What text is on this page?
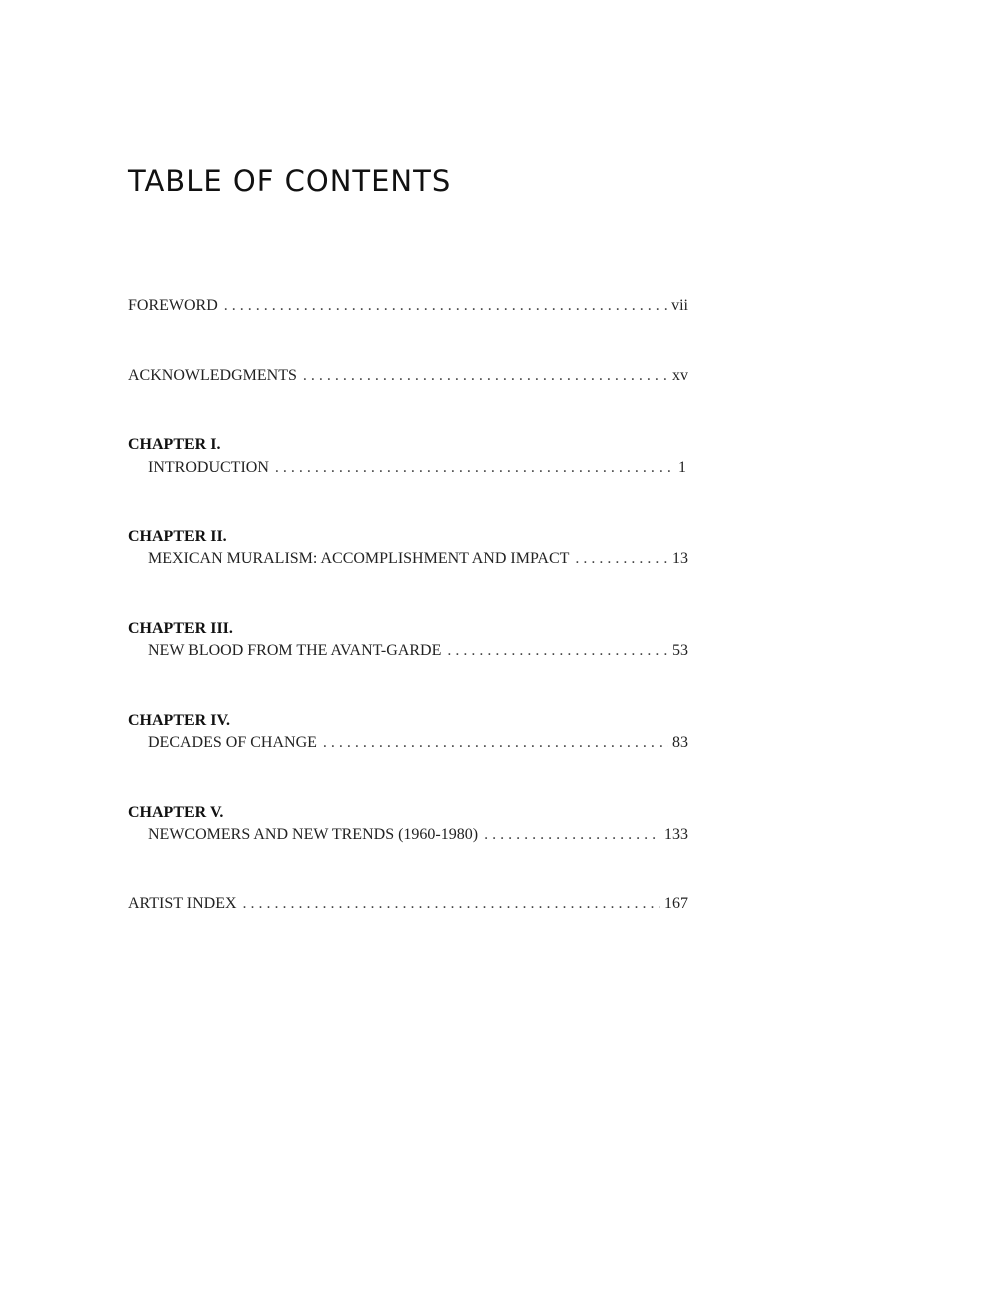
TABLE OF CONTENTS
FOREWORD . . .	vii
ACKNOWLEDGMENTS . . .	xv
CHAPTER I.
INTRODUCTION . . .	1
CHAPTER II.
MEXICAN MURALISM: ACCOMPLISHMENT AND IMPACT . . .	13
CHAPTER III.
NEW BLOOD FROM THE AVANT-GARDE . . .	53
CHAPTER IV.
DECADES OF CHANGE . . .	83
CHAPTER V.
NEWCOMERS AND NEW TRENDS (1960-1980) . . .	133
ARTIST INDEX . . .	167
